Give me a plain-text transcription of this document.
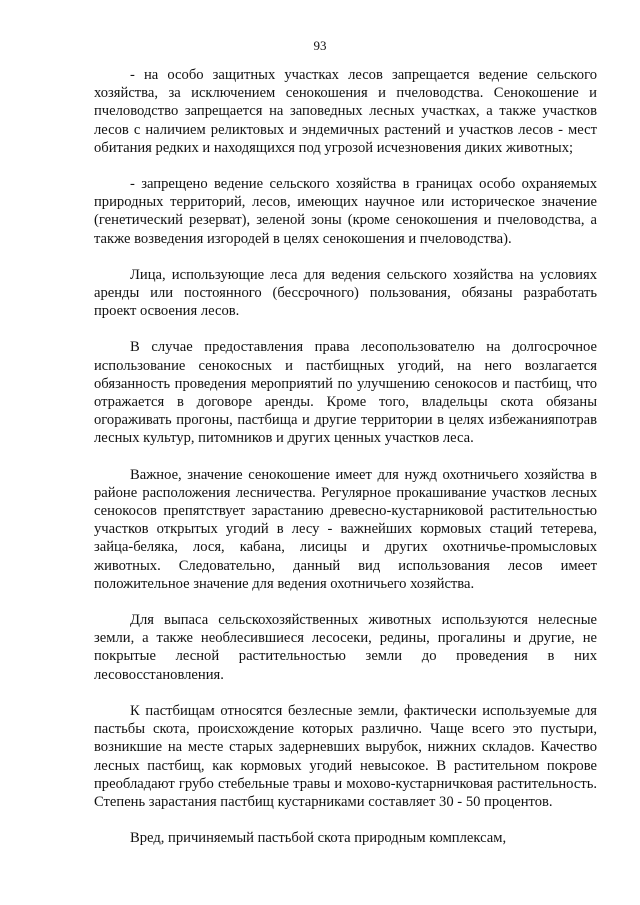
93

- на особо защитных участках лесов запрещается ведение сельского хозяйства, за исключением сенокошения и пчеловодства. Сенокошение и пчеловодство запрещается на заповедных лесных участках, а также участков лесов с наличием реликтовых и эндемичных растений и участков лесов - мест обитания редких и находящихся под угрозой исчезновения диких животных;

- запрещено ведение сельского хозяйства в границах особо охраняемых природных территорий, лесов, имеющих научное или историческое значение (генетический резерват), зеленой зоны (кроме сенокошения и пчеловодства, а также возведения изгородей в целях сенокошения и пчеловодства).

Лица, использующие леса для ведения сельского хозяйства на условиях аренды или постоянного (бессрочного) пользования, обязаны разработать проект освоения лесов.

В случае предоставления права лесопользователю на долгосрочное использование сенокосных и пастбищных угодий, на него возлагается обязанность проведения мероприятий по улучшению сенокосов и пастбищ, что отражается в договоре аренды. Кроме того, владельцы скота обязаны огораживать прогоны, пастбища и другие территории в целях избежанияпотрав лесных культур, питомников и других ценных участков леса.

Важное, значение сенокошение имеет для нужд охотничьего хозяйства в районе расположения лесничества. Регулярное прокашивание участков лесных сенокосов препятствует зарастанию древесно-кустарниковой растительностью участков открытых угодий в лесу - важнейших кормовых стаций тетерева, зайца-беляка, лося, кабана, лисицы и других охотничье-промысловых животных. Следовательно, данный вид использования лесов имеет положительное значение для ведения охотничьего хозяйства.

Для выпаса сельскохозяйственных животных используются нелесные земли, а также необлесившиеся лесосеки, редины, прогалины и другие, не покрытые лесной растительностью земли до проведения в них лесовосстановления.

К пастбищам относятся безлесные земли, фактически используемые для пастьбы скота, происхождение которых различно. Чаще всего это пустыри, возникшие на месте старых задерневших вырубок, нижних складов. Качество лесных пастбищ, как кормовых угодий невысокое. В растительном покрове преобладают грубо стебельные травы и мохово-кустарничковая растительность. Степень зарастания пастбищ кустарниками составляет 30 - 50 процентов.

Вред, причиняемый пастьбой скота природным комплексам,
